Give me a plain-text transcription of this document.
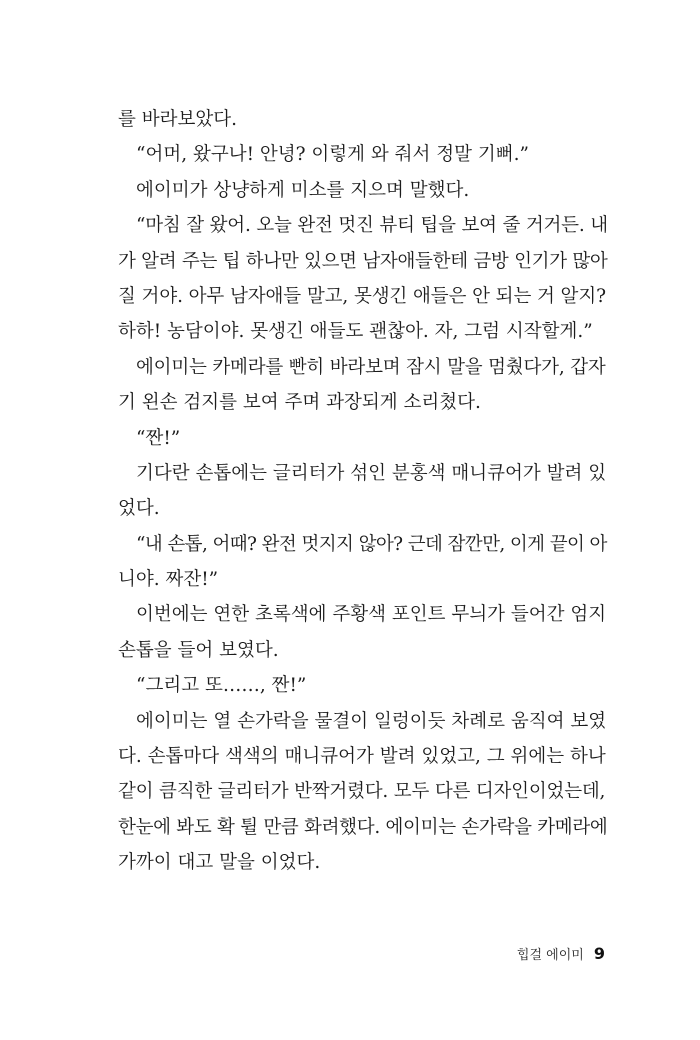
를 바라보았다.
“어머, 왔구나! 안녕? 이렇게 와 줘서 정말 기뻐.”
에이미가 상냥하게 미소를 지으며 말했다.
“마침 잘 왔어. 오늘 완전 멋진 뷰티 팁을 보여 줄 거거든. 내
가 알려 주는 팁 하나만 있으면 남자애들한테 금방 인기가 많아
질 거야. 아무 남자애들 말고, 못생긴 애들은 안 되는 거 알지?
하하! 농담이야. 못생긴 애들도 괜찮아. 자, 그럼 시작할게.”
에이미는 카메라를 빤히 바라보며 잠시 말을 멈췄다가, 갑자
기 왼손 검지를 보여 주며 과장되게 소리쳤다.
“짠!”
기다란 손톱에는 글리터가 섞인 분홍색 매니큐어가 발려 있
었다.
“내 손톱, 어때? 완전 멋지지 않아? 근데 잠깐만, 이게 끝이 아
니야. 짜잔!”
이번에는 연한 초록색에 주황색 포인트 무늬가 들어간 엄지
손톱을 들어 보였다.
“그리고 또……, 짠!”
에이미는 열 손가락을 물결이 일렁이듯 차례로 움직여 보였
다. 손톱마다 색색의 매니큐어가 발려 있었고, 그 위에는 하나
같이 큼직한 글리터가 반짝거렸다. 모두 다른 디자인이었는데,
한눈에 봐도 확 튈 만큼 화려했다. 에이미는 손가락을 카메라에
가까이 대고 말을 이었다.
힙걸 에이미 9
